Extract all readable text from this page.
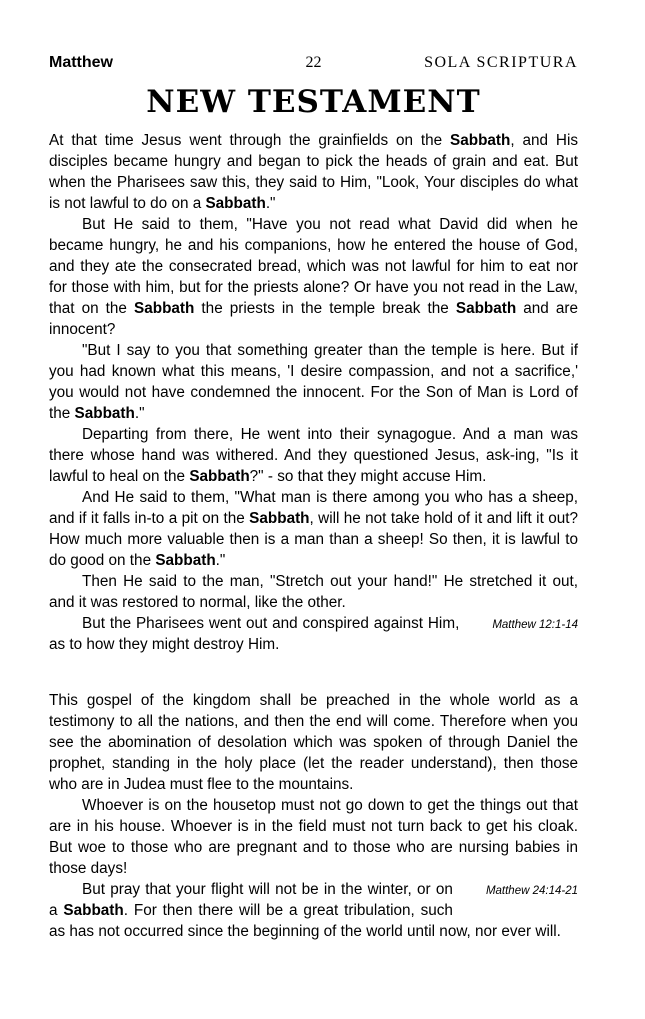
Matthew	22	SOLA SCRIPTURA
NEW TESTAMENT

At that time Jesus went through the grainfields on the Sabbath, and His disciples became hungry and began to pick the heads of grain and eat. But when the Pharisees saw this, they said to Him, "Look, Your disciples do what is not lawful to do on a Sabbath."

But He said to them, "Have you not read what David did when he became hungry, he and his companions, how he entered the house of God, and they ate the consecrated bread, which was not lawful for him to eat nor for those with him, but for the priests alone? Or have you not read in the Law, that on the Sabbath the priests in the temple break the Sabbath and are innocent?

"But I say to you that something greater than the temple is here. But if you had known what this means, 'I desire compassion, and not a sacrifice,' you would not have condemned the innocent. For the Son of Man is Lord of the Sabbath."

Departing from there, He went into their synagogue. And a man was there whose hand was withered. And they questioned Jesus, ask-ing, "Is it lawful to heal on the Sabbath?" - so that they might accuse Him.

And He said to them, "What man is there among you who has a sheep, and if it falls in-to a pit on the Sabbath, will he not take hold of it and lift it out? How much more valuable then is a man than a sheep! So then, it is lawful to do good on the Sabbath."

Then He said to the man, "Stretch out your hand!" He stretched it out, and it was restored to normal, like the other.

Matthew 12:1-14
But the Pharisees went out and conspired against Him, as to how they might destroy Him.

This gospel of the kingdom shall be preached in the whole world as a testimony to all the nations, and then the end will come. Therefore when you see the abomination of desolation which was spoken of through Daniel the prophet, standing in the holy place (let the reader understand), then those who are in Judea must flee to the mountains.

Whoever is on the housetop must not go down to get the things out that are in his house. Whoever is in the field must not turn back to get his cloak. But woe to those who are pregnant and to those who are nursing babies in those days!

Matthew 24:14-21
But pray that your flight will not be in the winter, or on a Sabbath. For then there will be a great tribulation, such as has not occurred since the beginning of the world until now, nor ever will.
